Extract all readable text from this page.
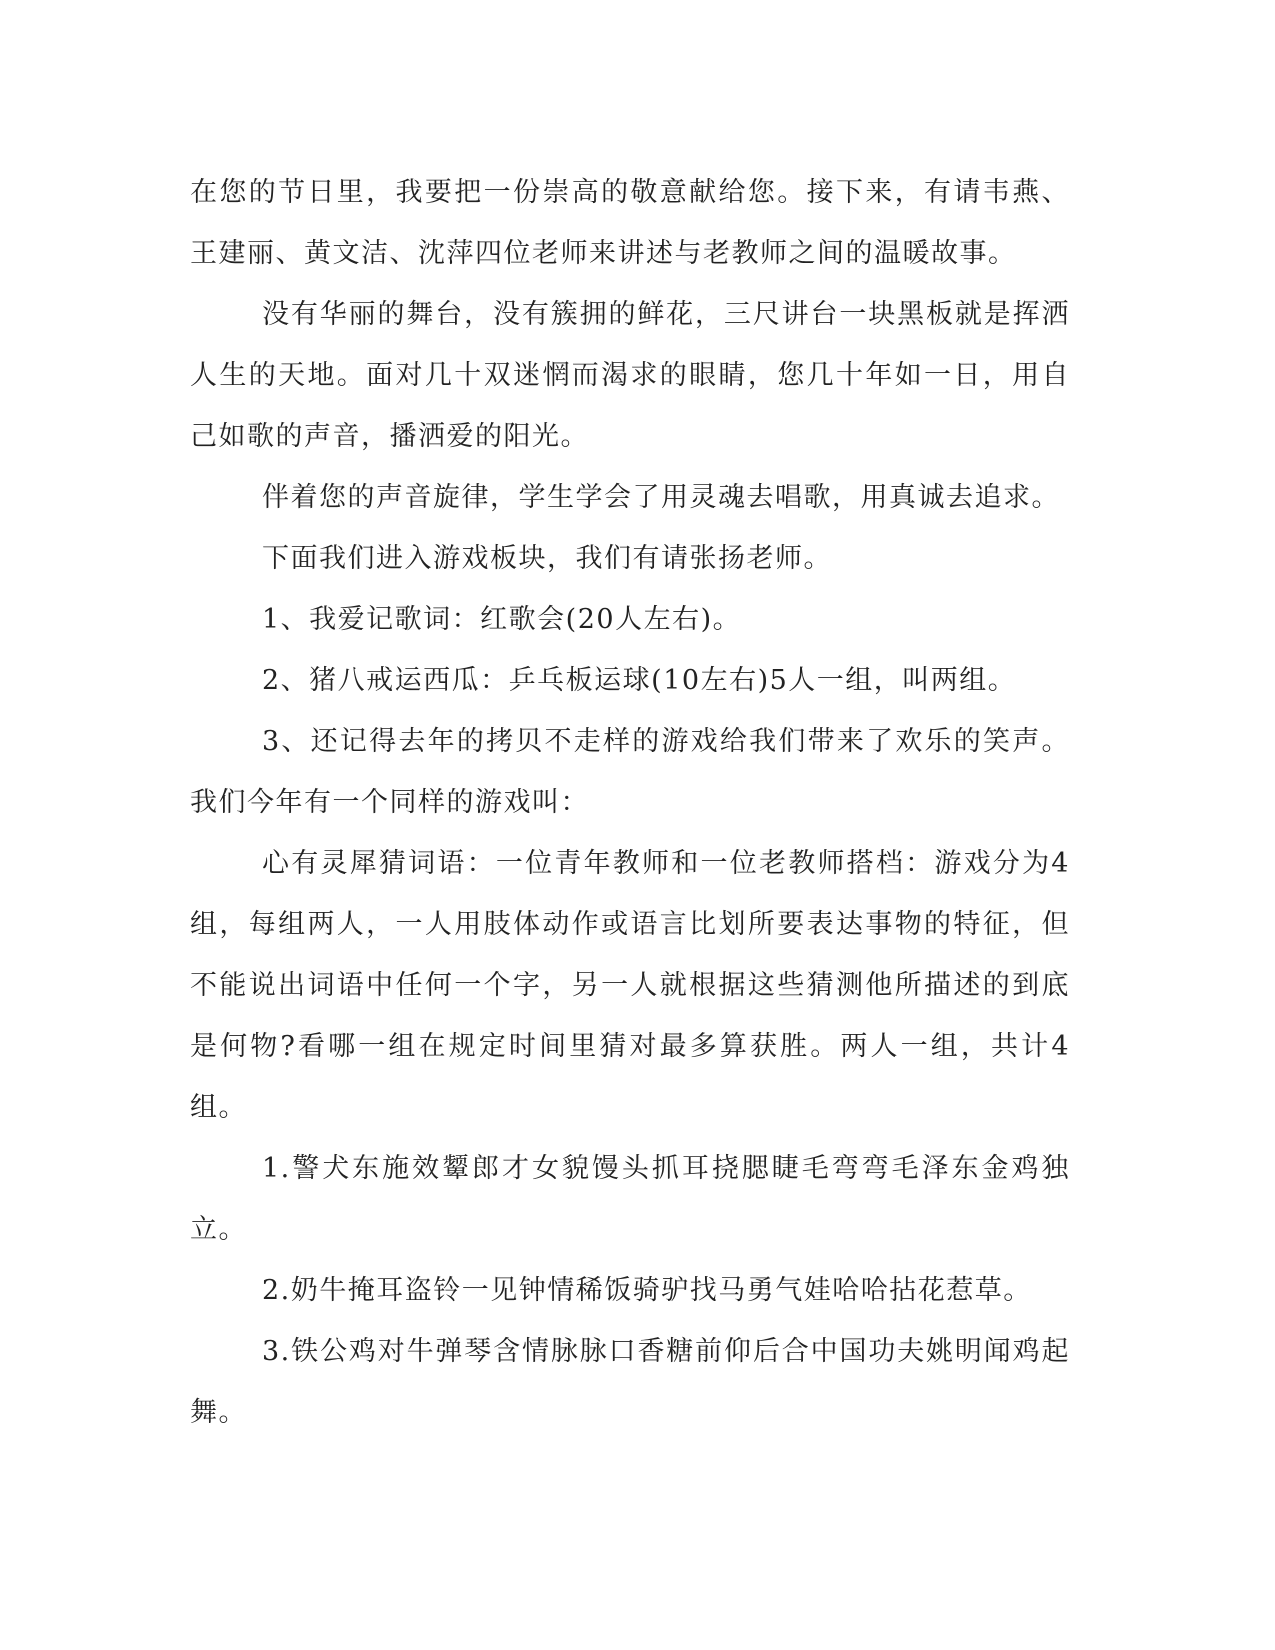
在您的节日里，我要把一份崇高的敬意献给您。接下来，有请韦燕、王建丽、黄文洁、沈萍四位老师来讲述与老教师之间的温暖故事。

没有华丽的舞台，没有簇拥的鲜花，三尺讲台一块黑板就是挥洒人生的天地。面对几十双迷惘而渴求的眼睛，您几十年如一日，用自己如歌的声音，播洒爱的阳光。

伴着您的声音旋律，学生学会了用灵魂去唱歌，用真诚去追求。

下面我们进入游戏板块，我们有请张扬老师。

1、我爱记歌词：红歌会(20人左右)。

2、猪八戒运西瓜：乒乓板运球(10左右)5人一组，叫两组。

3、还记得去年的拷贝不走样的游戏给我们带来了欢乐的笑声。我们今年有一个同样的游戏叫：

心有灵犀猜词语：一位青年教师和一位老教师搭档：游戏分为4组，每组两人，一人用肢体动作或语言比划所要表达事物的特征，但不能说出词语中任何一个字，另一人就根据这些猜测他所描述的到底是何物?看哪一组在规定时间里猜对最多算获胜。两人一组，共计4组。

1.警犬东施效颦郎才女貌馒头抓耳挠腮睫毛弯弯毛泽东金鸡独立。

2.奶牛掩耳盗铃一见钟情稀饭骑驴找马勇气娃哈哈拈花惹草。

3.铁公鸡对牛弹琴含情脉脉口香糖前仰后合中国功夫姚明闻鸡起舞。
